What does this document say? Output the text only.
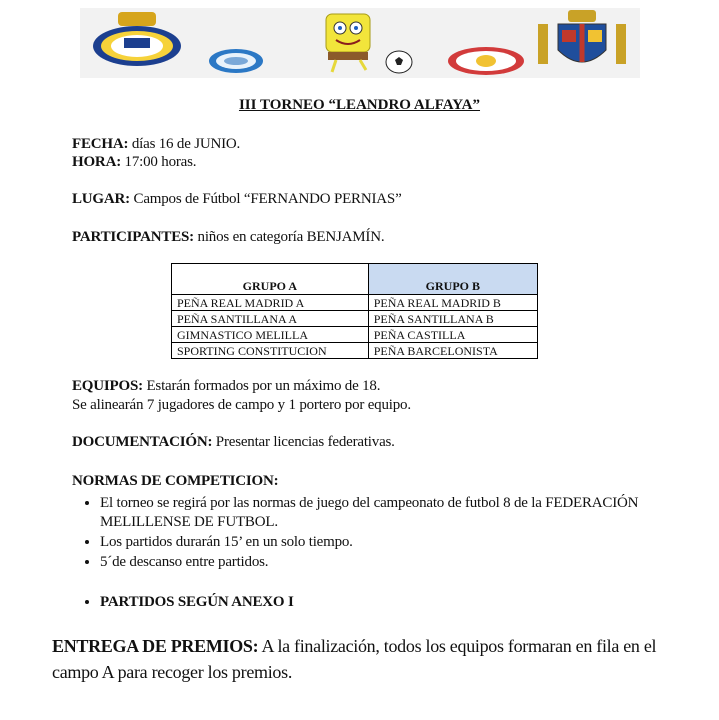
III TORNEO “LEANDRO ALFAYA”
FECHA: días 16 de JUNIO.
HORA: 17:00 horas.
LUGAR: Campos de Fútbol “FERNANDO PERNIAS”
PARTICIPANTES: niños en categoría BENJAMÍN.
GRUPO A	GRUPO B
PEÑA REAL MADRID A	PEÑA REAL MADRID B
PEÑA SANTILLANA A	PEÑA SANTILLANA B
GIMNASTICO MELILLA	PEÑA CASTILLA
SPORTING CONSTITUCION	PEÑA BARCELONISTA
EQUIPOS: Estarán formados por un máximo de 18.
Se alinearán 7 jugadores de campo y 1 portero por equipo.
DOCUMENTACIÓN: Presentar licencias federativas.
NORMAS DE COMPETICION:
• El torneo se regirá por las normas de juego del campeonato de futbol 8 de la FEDERACIÓN MELILLENSE DE FUTBOL.
• Los partidos durarán 15’ en un solo tiempo.
• 5´de descanso entre partidos.
• PARTIDOS SEGÚN ANEXO I
ENTREGA DE PREMIOS: A la finalización, todos los equipos formaran en fila en el campo A para recoger los premios.
